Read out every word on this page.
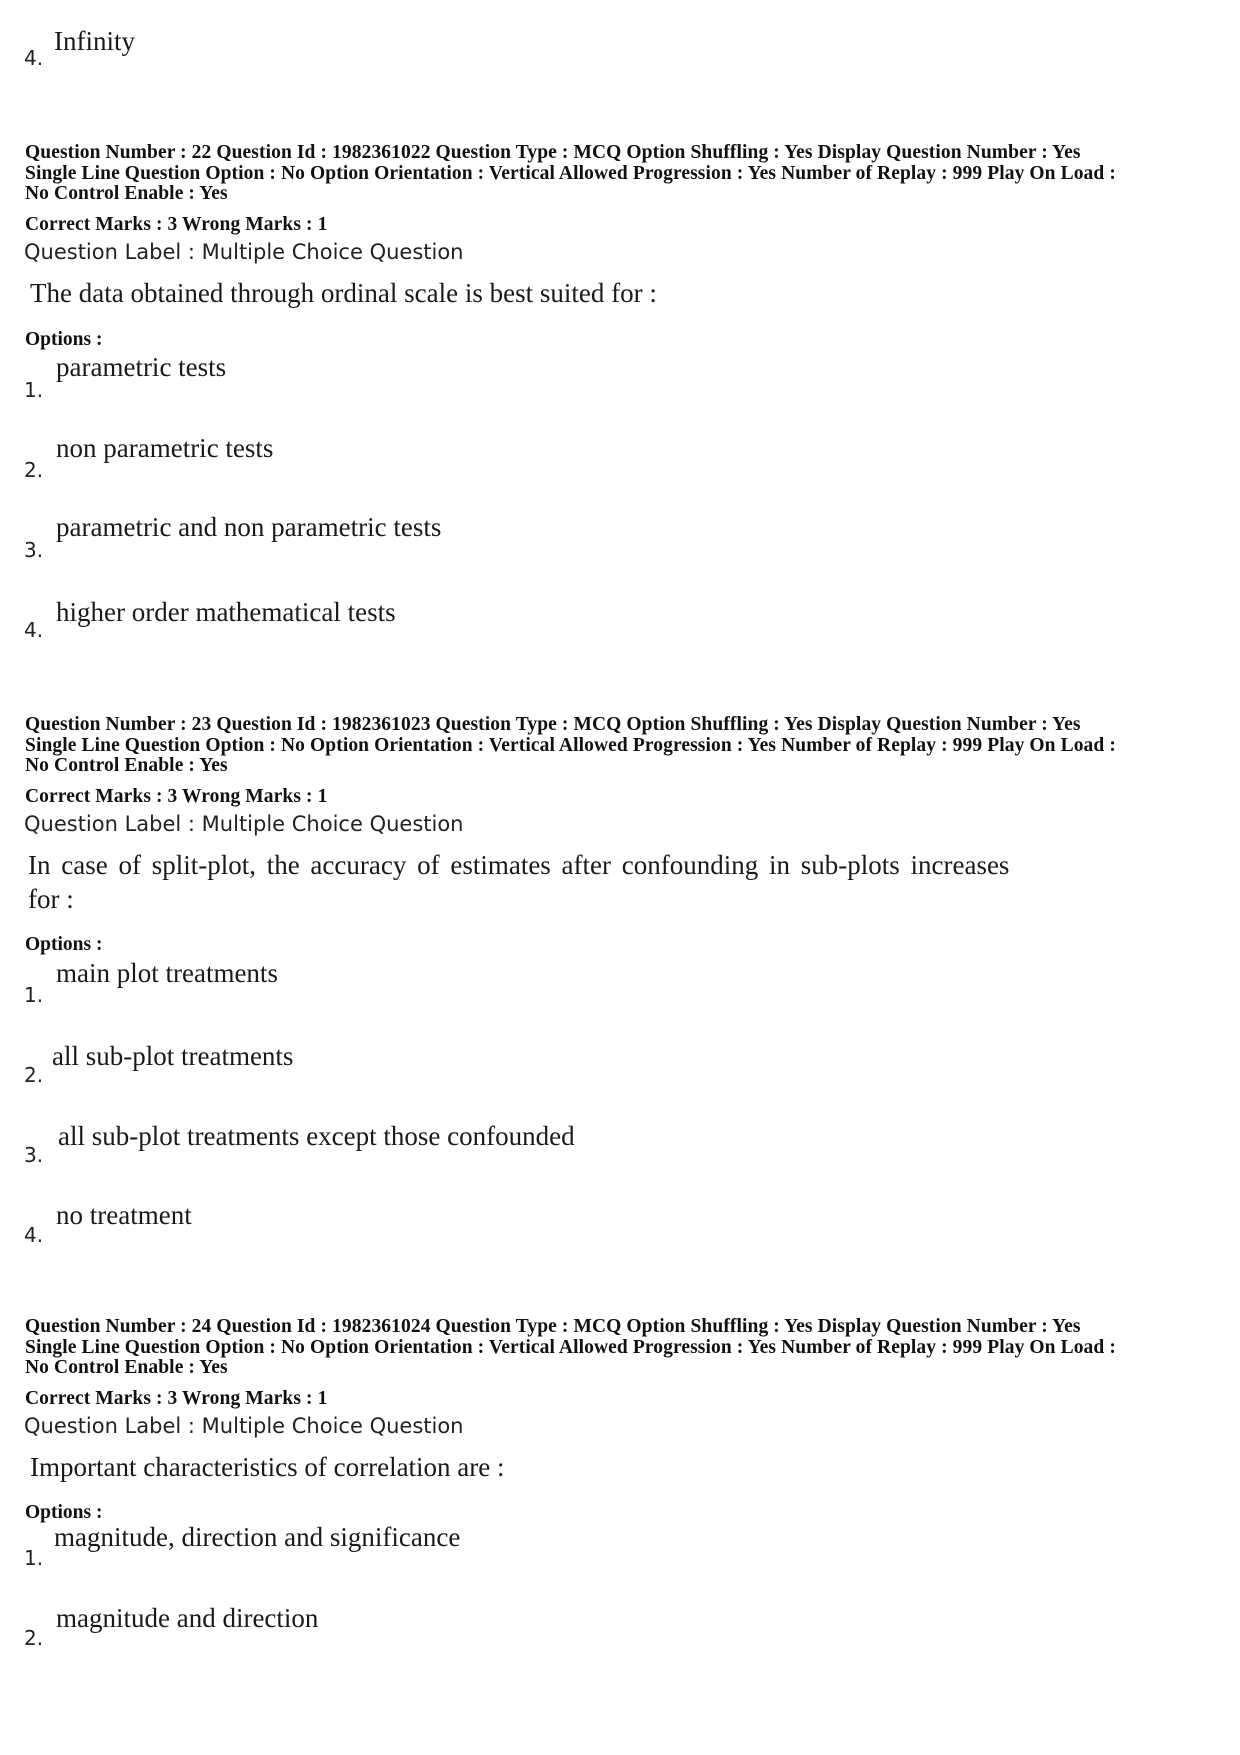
4.
Infinity
Question Number : 22 Question Id : 1982361022 Question Type : MCQ Option Shuffling : Yes Display Question Number : Yes
Single Line Question Option : No Option Orientation : Vertical Allowed Progression : Yes Number of Replay : 999 Play On Load :
No Control Enable : Yes
Correct Marks : 3 Wrong Marks : 1
Question Label : Multiple Choice Question
The data obtained through ordinal scale is best suited for :
Options :
1.
parametric tests
2.
non parametric tests
3.
parametric and non parametric tests
4.
higher order mathematical tests
Question Number : 23 Question Id : 1982361023 Question Type : MCQ Option Shuffling : Yes Display Question Number : Yes
Single Line Question Option : No Option Orientation : Vertical Allowed Progression : Yes Number of Replay : 999 Play On Load :
No Control Enable : Yes
Correct Marks : 3 Wrong Marks : 1
Question Label : Multiple Choice Question
In case of split-plot, the accuracy of estimates after confounding in sub-plots increases
for :
Options :
1.
main plot treatments
2.
all sub-plot treatments
3.
all sub-plot treatments except those confounded
4.
no treatment
Question Number : 24 Question Id : 1982361024 Question Type : MCQ Option Shuffling : Yes Display Question Number : Yes
Single Line Question Option : No Option Orientation : Vertical Allowed Progression : Yes Number of Replay : 999 Play On Load :
No Control Enable : Yes
Correct Marks : 3 Wrong Marks : 1
Question Label : Multiple Choice Question
Important characteristics of correlation are :
Options :
1.
magnitude, direction and significance
2.
magnitude and direction
